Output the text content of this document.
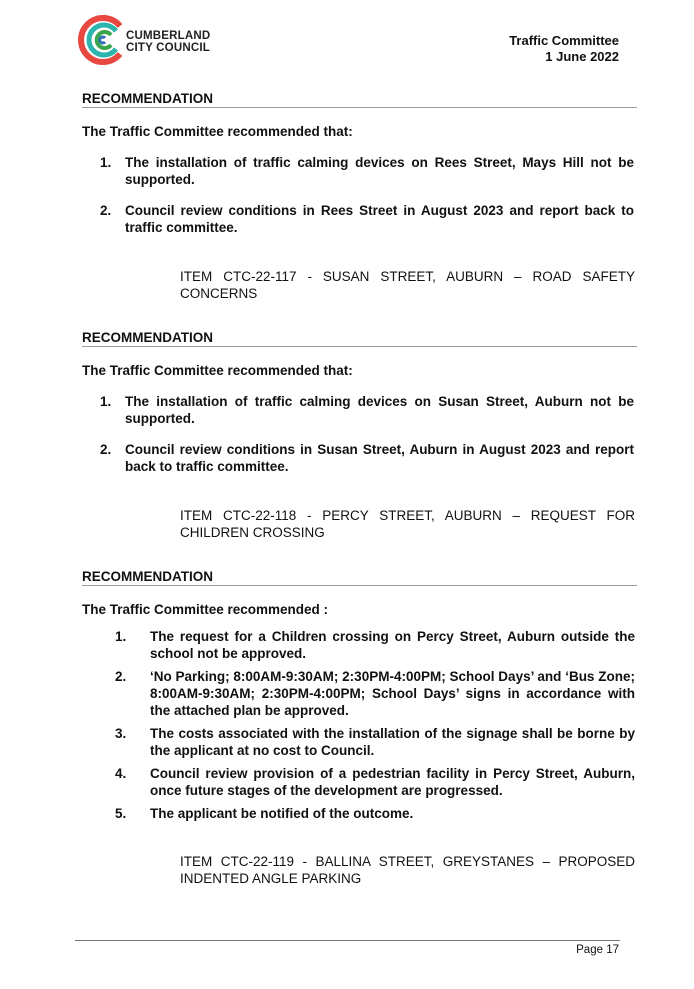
CUMBERLAND
CITY COUNCIL	Traffic Committee
1 June 2022
RECOMMENDATION
The Traffic Committee recommended that:
1. The installation of traffic calming devices on Rees Street, Mays Hill not be supported.
2. Council review conditions in Rees Street in August 2023 and report back to traffic committee.
ITEM CTC-22-117 - SUSAN STREET, AUBURN – ROAD SAFETY CONCERNS
RECOMMENDATION
The Traffic Committee recommended that:
1. The installation of traffic calming devices on Susan Street, Auburn not be supported.
2. Council review conditions in Susan Street, Auburn in August 2023 and report back to traffic committee.
ITEM CTC-22-118 - PERCY STREET, AUBURN – REQUEST FOR CHILDREN CROSSING
RECOMMENDATION
The Traffic Committee recommended :
1. The request for a Children crossing on Percy Street, Auburn outside the school not be approved.
2. ‘No Parking; 8:00AM-9:30AM; 2:30PM-4:00PM; School Days’ and ‘Bus Zone; 8:00AM-9:30AM; 2:30PM-4:00PM; School Days’ signs in accordance with the attached plan be approved.
3. The costs associated with the installation of the signage shall be borne by the applicant at no cost to Council.
4. Council review provision of a pedestrian facility in Percy Street, Auburn, once future stages of the development are progressed.
5. The applicant be notified of the outcome.
ITEM CTC-22-119 - BALLINA STREET, GREYSTANES – PROPOSED INDENTED ANGLE PARKING
Page 17
